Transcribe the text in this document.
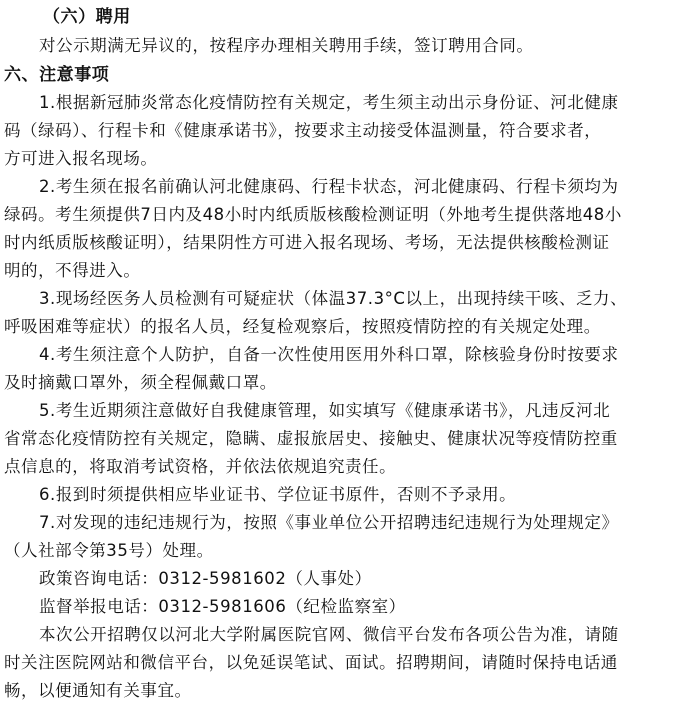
（六）聘用
对公示期满无异议的，按程序办理相关聘用手续，签订聘用合同。
六、注意事项
1.根据新冠肺炎常态化疫情防控有关规定，考生须主动出示身份证、河北健康
码（绿码）、行程卡和《健康承诺书》，按要求主动接受体温测量，符合要求者，
方可进入报名现场。
2.考生须在报名前确认河北健康码、行程卡状态，河北健康码、行程卡须均为
绿码。考生须提供7日内及48小时内纸质版核酸检测证明（外地考生提供落地48小
时内纸质版核酸证明），结果阴性方可进入报名现场、考场，无法提供核酸检测证
明的，不得进入。
3.现场经医务人员检测有可疑症状（体温37.3°C以上，出现持续干咳、乏力、
呼吸困难等症状）的报名人员，经复检观察后，按照疫情防控的有关规定处理。
4.考生须注意个人防护，自备一次性使用医用外科口罩，除核验身份时按要求
及时摘戴口罩外，须全程佩戴口罩。
5.考生近期须注意做好自我健康管理，如实填写《健康承诺书》，凡违反河北
省常态化疫情防控有关规定，隐瞒、虚报旅居史、接触史、健康状况等疫情防控重
点信息的，将取消考试资格，并依法依规追究责任。
6.报到时须提供相应毕业证书、学位证书原件，否则不予录用。
7.对发现的违纪违规行为，按照《事业单位公开招聘违纪违规行为处理规定》
（人社部令第35号）处理。
政策咨询电话：0312-5981602（人事处）
监督举报电话：0312-5981606（纪检监察室）
本次公开招聘仅以河北大学附属医院官网、微信平台发布各项公告为准，请随
时关注医院网站和微信平台，以免延误笔试、面试。招聘期间，请随时保持电话通
畅，以便通知有关事宜。
